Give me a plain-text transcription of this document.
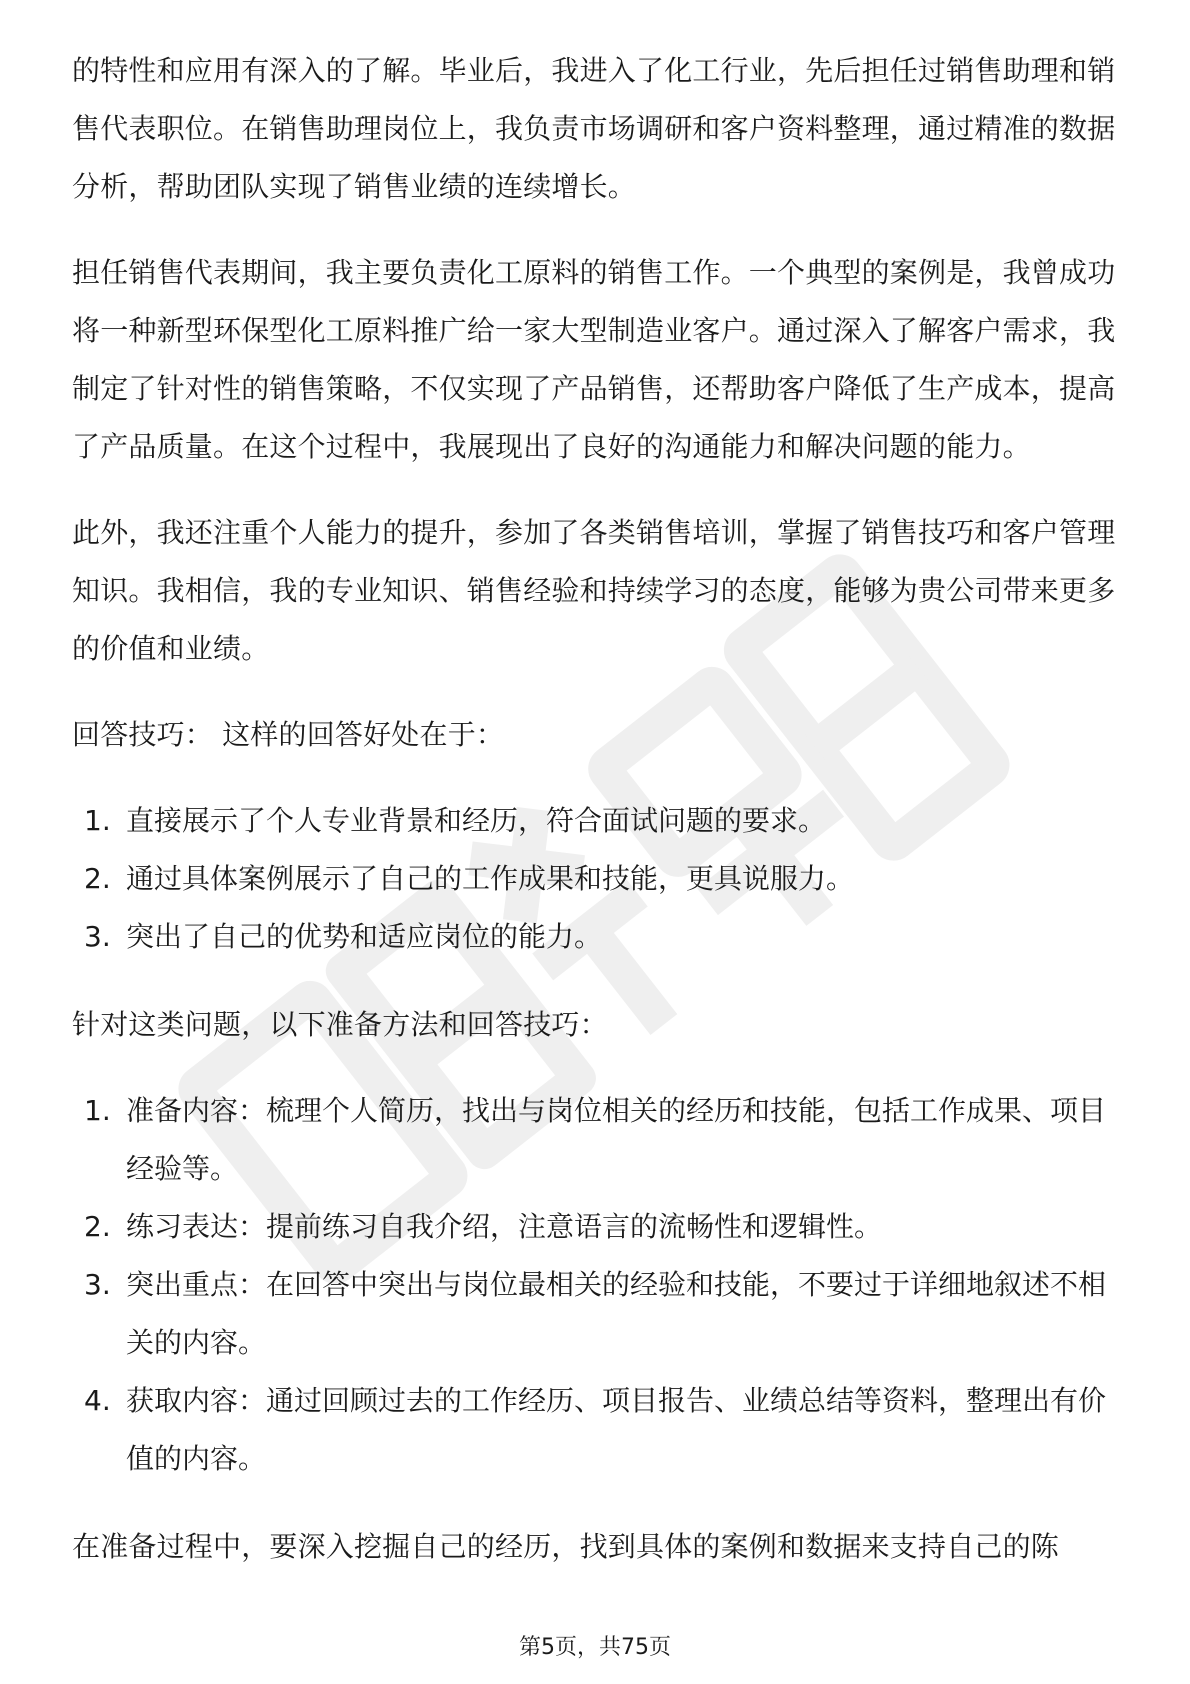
的特性和应用有深入的了解。毕业后，我进入了化工行业，先后担任过销售助理和销售代表职位。在销售助理岗位上，我负责市场调研和客户资料整理，通过精准的数据分析，帮助团队实现了销售业绩的连续增长。

担任销售代表期间，我主要负责化工原料的销售工作。一个典型的案例是，我曾成功将一种新型环保型化工原料推广给一家大型制造业客户。通过深入了解客户需求，我制定了针对性的销售策略，不仅实现了产品销售，还帮助客户降低了生产成本，提高了产品质量。在这个过程中，我展现出了良好的沟通能力和解决问题的能力。

此外，我还注重个人能力的提升，参加了各类销售培训，掌握了销售技巧和客户管理知识。我相信，我的专业知识、销售经验和持续学习的态度，能够为贵公司带来更多的价值和业绩。

回答技巧： 这样的回答好处在于：

1. 直接展示了个人专业背景和经历，符合面试问题的要求。
2. 通过具体案例展示了自己的工作成果和技能，更具说服力。
3. 突出了自己的优势和适应岗位的能力。

针对这类问题，以下准备方法和回答技巧：

1. 准备内容：梳理个人简历，找出与岗位相关的经历和技能，包括工作成果、项目经验等。
2. 练习表达：提前练习自我介绍，注意语言的流畅性和逻辑性。
3. 突出重点：在回答中突出与岗位最相关的经验和技能，不要过于详细地叙述不相关的内容。
4. 获取内容：通过回顾过去的工作经历、项目报告、业绩总结等资料，整理出有价值的内容。

在准备过程中，要深入挖掘自己的经历，找到具体的案例和数据来支持自己的陈

第5页，共75页
